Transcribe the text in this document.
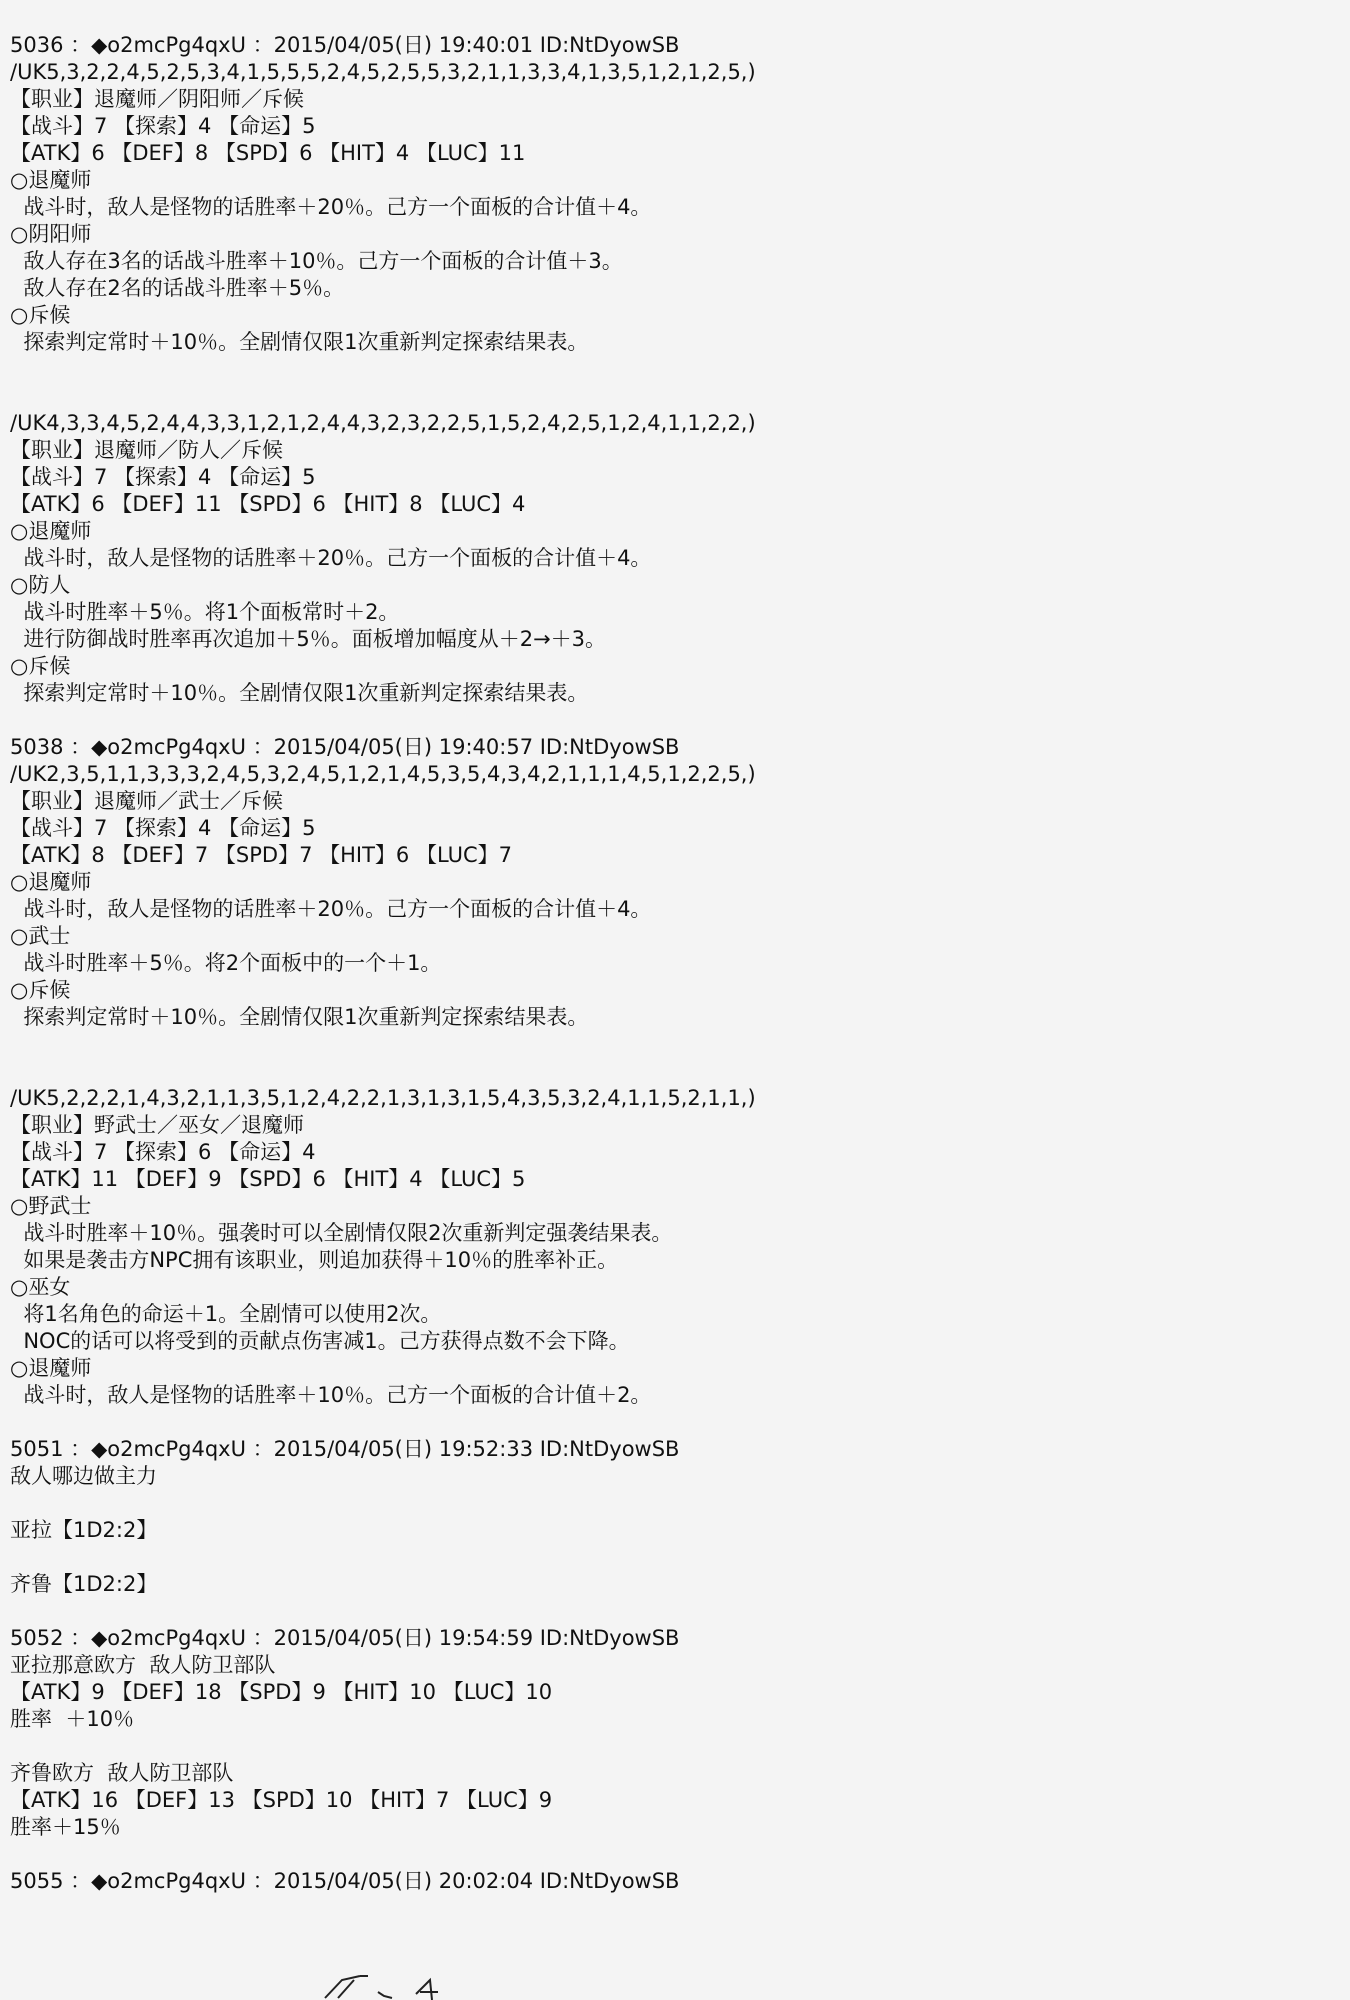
5036 ：◆o2mcPg4qxU ：2015/04/05(日) 19:40:01 ID:NtDyowSB
/UK5,3,2,2,4,5,2,5,3,4,1,5,5,5,2,4,5,2,5,5,3,2,1,1,3,3,4,1,3,5,1,2,1,2,5,)
【职业】退魔师／阴阳师／斥候
【战斗】7 【探索】4 【命运】5
【ATK】6 【DEF】8 【SPD】6 【HIT】4 【LUC】11
○退魔师
战斗时，敌人是怪物的话胜率＋20％。己方一个面板的合计值＋4。
○阴阳师
敌人存在3名的话战斗胜率＋10％。己方一个面板的合计值＋3。
敌人存在2名的话战斗胜率＋5％。
○斥候
探索判定常时＋10％。全剧情仅限1次重新判定探索结果表。
/UK4,3,3,4,5,2,4,4,3,3,1,2,1,2,4,4,3,2,3,2,2,5,1,5,2,4,2,5,1,2,4,1,1,2,2,)
【职业】退魔师／防人／斥候
【战斗】7 【探索】4 【命运】5
【ATK】6 【DEF】11 【SPD】6 【HIT】8 【LUC】4
○退魔师
战斗时，敌人是怪物的话胜率＋20％。己方一个面板的合计值＋4。
○防人
战斗时胜率＋5％。将1个面板常时＋2。
进行防御战时胜率再次追加＋5％。面板增加幅度从＋2→＋3。
○斥候
探索判定常时＋10％。全剧情仅限1次重新判定探索结果表。
5038 ：◆o2mcPg4qxU ：2015/04/05(日) 19:40:57 ID:NtDyowSB
/UK2,3,5,1,1,3,3,3,2,4,5,3,2,4,5,1,2,1,4,5,3,5,4,3,4,2,1,1,1,4,5,1,2,2,5,)
【职业】退魔师／武士／斥候
【战斗】7 【探索】4 【命运】5
【ATK】8 【DEF】7 【SPD】7 【HIT】6 【LUC】7
○退魔师
战斗时，敌人是怪物的话胜率＋20％。己方一个面板的合计值＋4。
○武士
战斗时胜率＋5％。将2个面板中的一个＋1。
○斥候
探索判定常时＋10％。全剧情仅限1次重新判定探索结果表。
/UK5,2,2,2,1,4,3,2,1,1,3,5,1,2,4,2,2,1,3,1,3,1,5,4,3,5,3,2,4,1,1,5,2,1,1,)
【职业】野武士／巫女／退魔师
【战斗】7 【探索】6 【命运】4
【ATK】11 【DEF】9 【SPD】6 【HIT】4 【LUC】5
○野武士
战斗时胜率＋10％。强袭时可以全剧情仅限2次重新判定强袭结果表。
如果是袭击方NPC拥有该职业，则追加获得＋10％的胜率补正。
○巫女
将1名角色的命运＋1。全剧情可以使用2次。
NOC的话可以将受到的贡献点伤害减1。己方获得点数不会下降。
○退魔师
战斗时，敌人是怪物的话胜率＋10％。己方一个面板的合计值＋2。
5051 ：◆o2mcPg4qxU ：2015/04/05(日) 19:52:33 ID:NtDyowSB
敌人哪边做主力
亚拉【1D2:2】
齐鲁【1D2:2】
5052 ：◆o2mcPg4qxU ：2015/04/05(日) 19:54:59 ID:NtDyowSB
亚拉那意欧方  敌人防卫部队
【ATK】9 【DEF】18 【SPD】9 【HIT】10 【LUC】10
胜率  ＋10％
齐鲁欧方  敌人防卫部队
【ATK】16 【DEF】13 【SPD】10 【HIT】7 【LUC】9
胜率＋15％
5055 ：◆o2mcPg4qxU ：2015/04/05(日) 20:02:04 ID:NtDyowSB
